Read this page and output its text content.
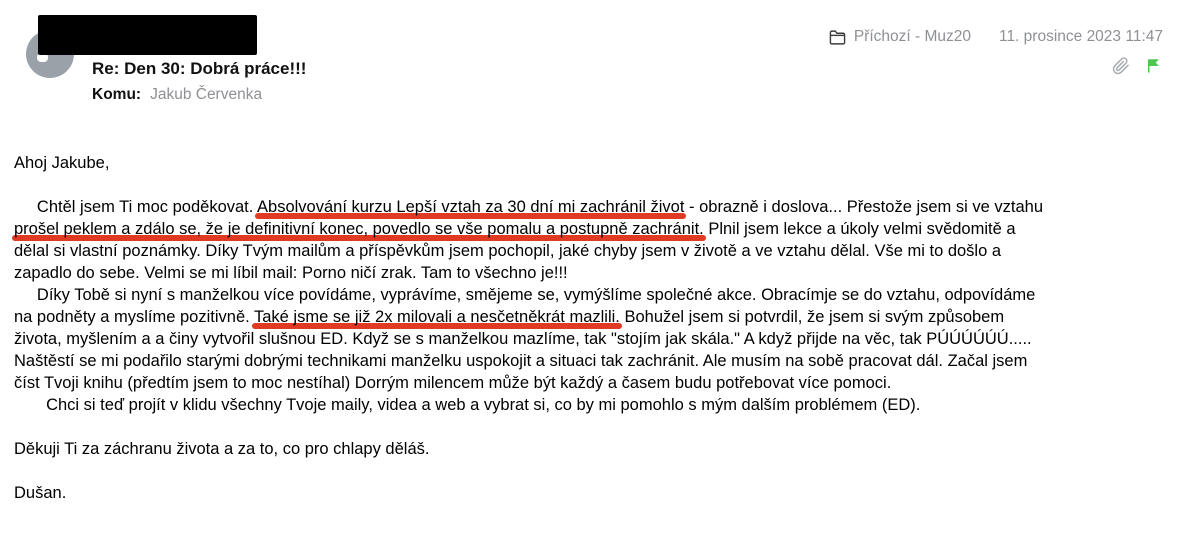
Re: Den 30: Dobrá práce!!!
Komu: Jakub Červenka
Příchozí - Muz20 11. prosince 2023 11:47
Ahoj Jakube,

Chtěl jsem Ti moc poděkovat. Absolvování kurzu Lepší vztah za 30 dní mi zachránil život - obrazně i doslova... Přestože jsem si ve vztahu
prošel peklem a zdálo se, že je definitivní konec, povedlo se vše pomalu a postupně zachránit. Plnil jsem lekce a úkoly velmi svědomitě a
dělal si vlastní poznámky. Díky Tvým mailům a příspěvkům jsem pochopil, jaké chyby jsem v životě a ve vztahu dělal. Vše mi to došlo a
zapadlo do sebe. Velmi se mi líbil mail: Porno ničí zrak. Tam to všechno je!!!
Díky Tobě si nyní s manželkou více povídáme, vyprávíme, smějeme se, vymýšlíme společné akce. Obracímje se do vztahu, odpovídáme
na podněty a myslíme pozitivně. Také jsme se již 2x milovali a nesčetněkrát mazlili. Bohužel jsem si potvrdil, že jsem si svým způsobem
života, myšlením a a činy vytvořil slušnou ED. Když se s manželkou mazlíme, tak "stojím jak skála." A když přijde na věc, tak PÚÚÚÚÚÚ.....
Naštěstí se mi podařilo starými dobrými technikami manželku uspokojit a situaci tak zachránit. Ale musím na sobě pracovat dál. Začal jsem
číst Tvoji knihu (předtím jsem to moc nestíhal) Dorrým milencem může být každý a časem budu potřebovat více pomoci.
Chci si teď projít v klidu všechny Tvoje maily, videa a web a vybrat si, co by mi pomohlo s mým dalším problémem (ED).

Děkuji Ti za záchranu života a za to, co pro chlapy děláš.

Dušan.
